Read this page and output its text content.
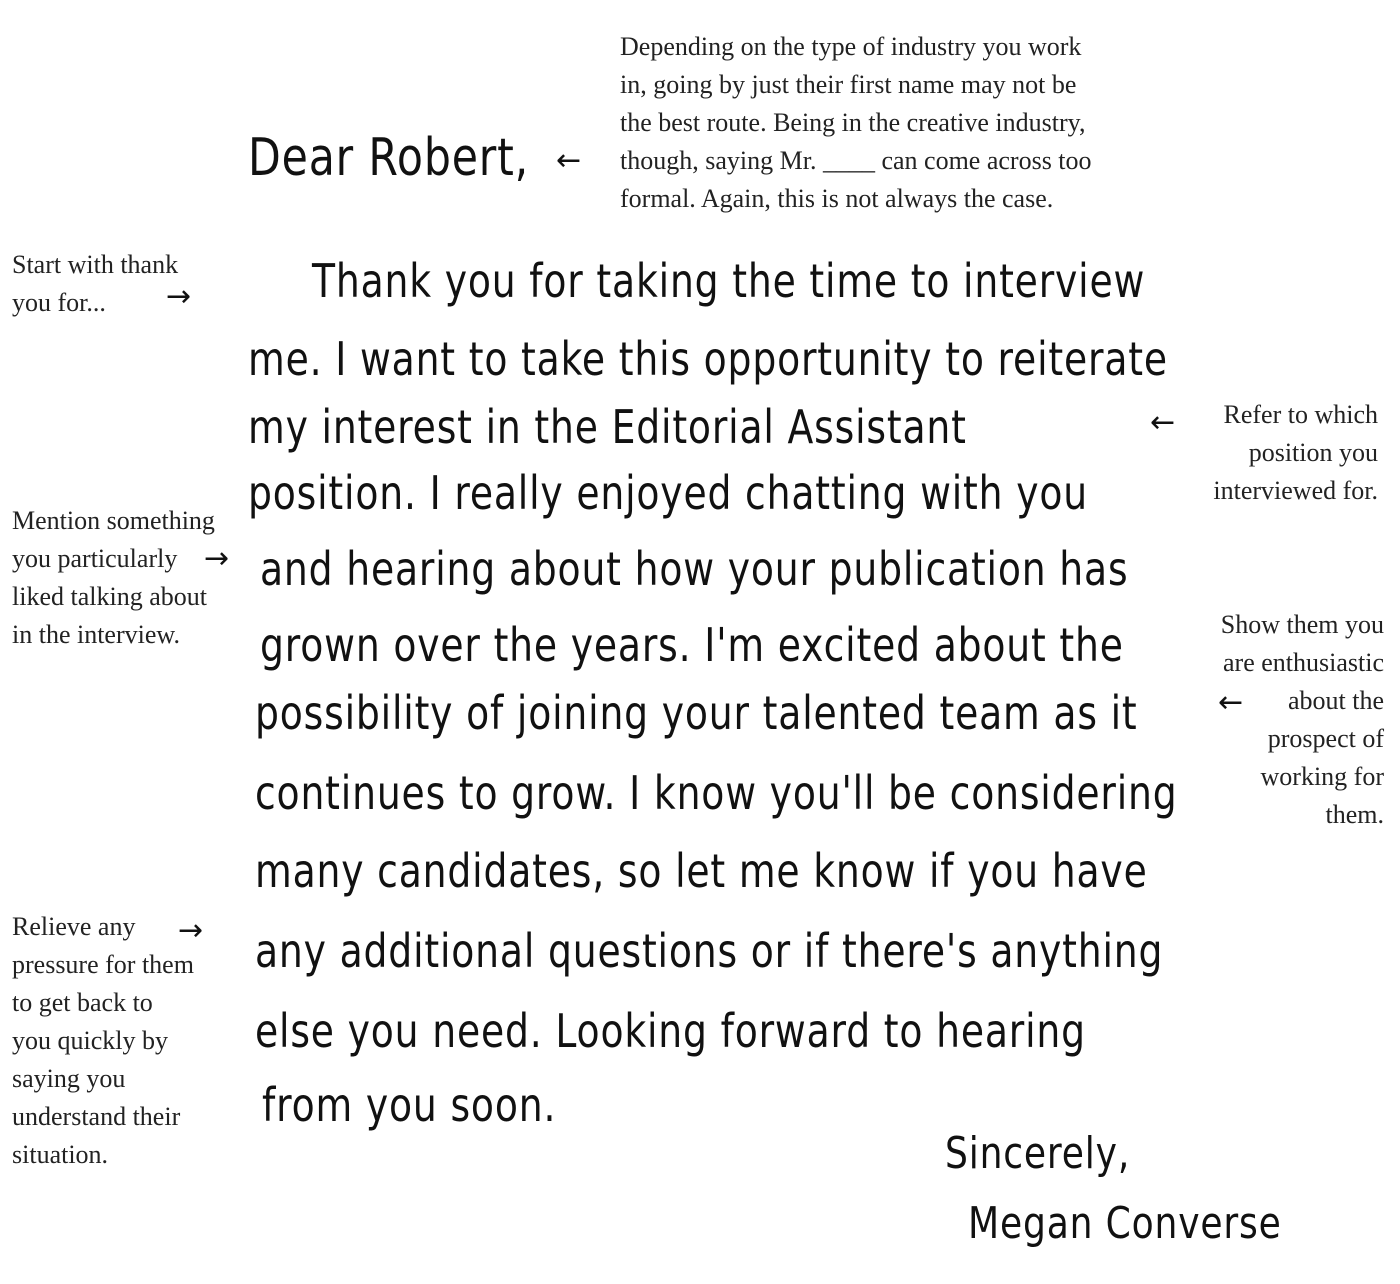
Dear Robert,
Thank you for taking the time to interview
me. I want to take this opportunity to reiterate
my interest in the Editorial Assistant
position. I really enjoyed chatting with you
and hearing about how your publication has
grown over the years. I'm excited about the
possibility of joining your talented team as it
continues to grow. I know you'll be considering
many candidates, so let me know if you have
any additional questions or if there's anything
else you need. Looking forward to hearing
from you soon.
Sincerely,
Megan Converse
Depending on the type of industry you work
in, going by just their first name may not be
the best route. Being in the creative industry,
though, saying Mr. ____ can come across too
formal. Again, this is not always the case.
←
Start with thank
you for...	→
Refer to which
position you
interviewed for.
←
Mention something
you particularly
liked talking about
in the interview.
→
Show them you
are enthusiastic
about the
prospect of
working for
them.
←
Relieve any
pressure for them
to get back to
you quickly by
saying you
understand their
situation.
→
